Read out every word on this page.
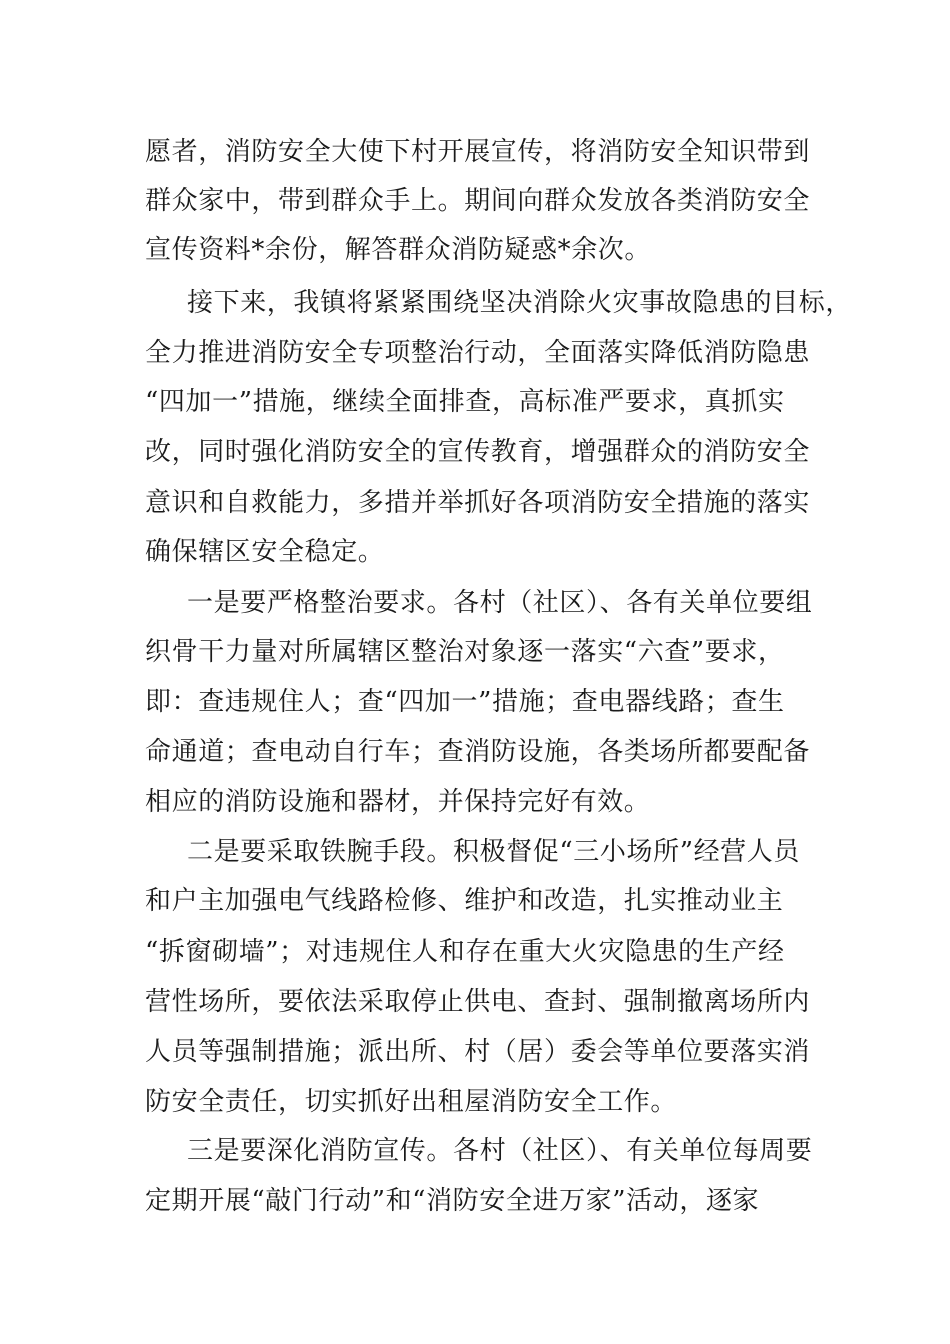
愿者，消防安全大使下村开展宣传，将消防安全知识带到
群众家中，带到群众手上。期间向群众发放各类消防安全
宣传资料*余份，解答群众消防疑惑*余次。
接下来，我镇将紧紧围绕坚决消除火灾事故隐患的目标，
全力推进消防安全专项整治行动，全面落实降低消防隐患
“四加一”措施，继续全面排查，高标准严要求，真抓实
改，同时强化消防安全的宣传教育，增强群众的消防安全
意识和自救能力，多措并举抓好各项消防安全措施的落实
确保辖区安全稳定。
一是要严格整治要求。各村（社区）、各有关单位要组
织骨干力量对所属辖区整治对象逐一落实“六查”要求，
即：查违规住人；查“四加一”措施；查电器线路；查生
命通道；查电动自行车；查消防设施，各类场所都要配备
相应的消防设施和器材，并保持完好有效。
二是要采取铁腕手段。积极督促“三小场所”经营人员
和户主加强电气线路检修、维护和改造，扎实推动业主
“拆窗砌墙”；对违规住人和存在重大火灾隐患的生产经
营性场所，要依法采取停止供电、查封、强制撤离场所内
人员等强制措施；派出所、村（居）委会等单位要落实消
防安全责任，切实抓好出租屋消防安全工作。
三是要深化消防宣传。各村（社区）、有关单位每周要
定期开展“敲门行动”和“消防安全进万家”活动，逐家
